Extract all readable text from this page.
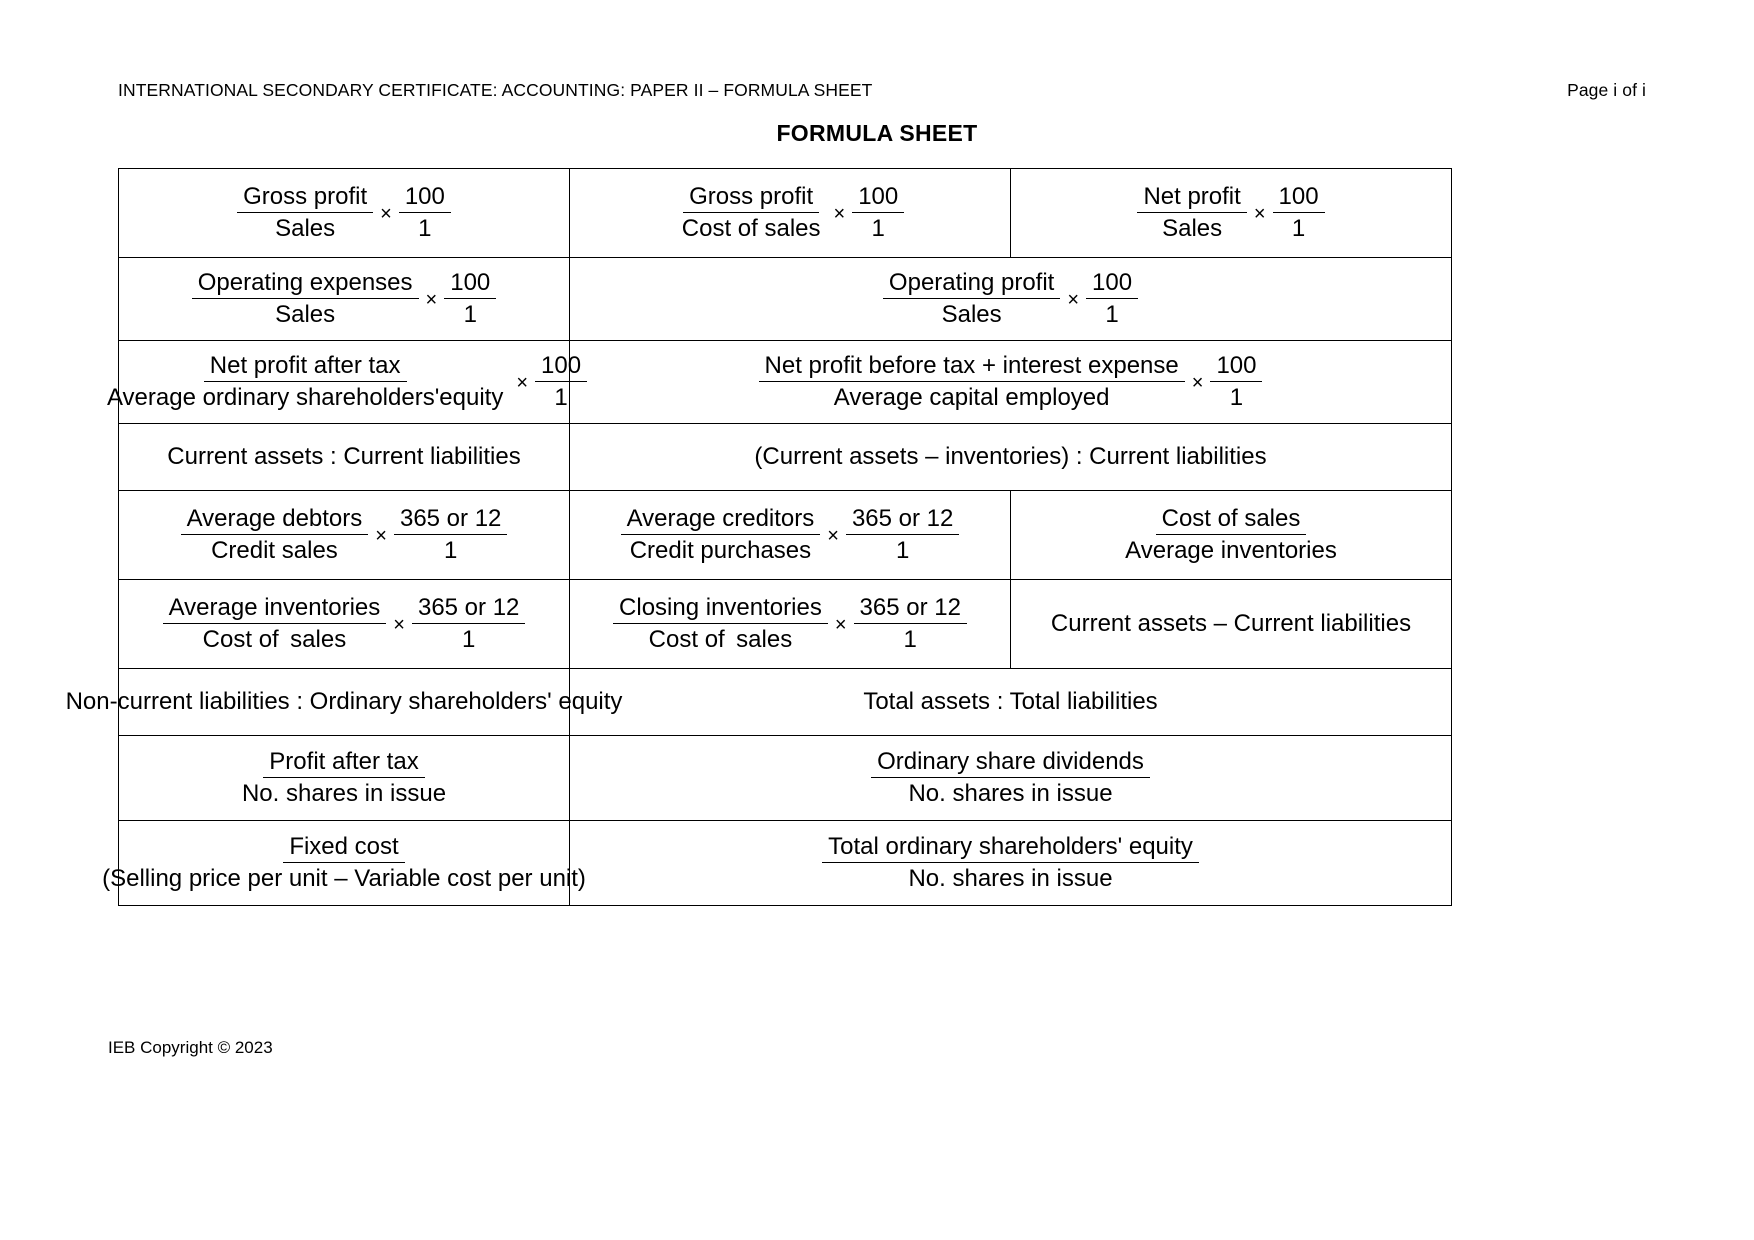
INTERNATIONAL SECONDARY CERTIFICATE: ACCOUNTING: PAPER II – FORMULA SHEET	Page i of i
FORMULA SHEET
$\frac{\text{Gross profit}}{\text{Sales}} \times \frac{100}{1}$	$\frac{\text{Gross profit}}{\text{Cost of sales}} \times \frac{100}{1}$	$\frac{\text{Net profit}}{\text{Sales}} \times \frac{100}{1}$

$\frac{\text{Operating expenses}}{\text{Sales}} \times \frac{100}{1}$	$\frac{\text{Operating profit}}{\text{Sales}} \times \frac{100}{1}$

$\frac{\text{Net profit after tax}}{\text{Average ordinary shareholders'equity}} \times \frac{100}{1}$	$\frac{\text{Net profit before tax + interest expense}}{\text{Average capital employed}} \times \frac{100}{1}$

Current assets : Current liabilities	(Current assets – inventories) : Current liabilities	

$\frac{\text{Average debtors}}{\text{Credit sales}} \times \frac{365 or 12}{1}$	$\frac{\text{Average creditors}}{\text{Credit purchases}} \times \frac{365 or 12}{1}$	$\frac{\text{Cost of sales}}{\text{Average inventories}}$

$\frac{\text{Average inventories}}{\text{Cost of  sales}} \times \frac{365 or 12}{1}$	$\frac{\text{Closing inventories}}{\text{Cost of  sales}} \times \frac{365 or 12}{1}$	Current assets – Current liabilities

Non-current liabilities : Ordinary shareholders' equity	Total assets : Total liabilities	

$\frac{\text{Profit after tax}}{\text{No. shares in issue}}$	$\frac{\text{Ordinary share dividends}}{\text{No. shares in issue}}$

$\frac{\text{Fixed cost}}{\text{(Selling price per unit – Variable cost per unit)}}$	$\frac{\text{Total ordinary shareholders' equity}}{\text{No. shares in issue}}$
IEB Copyright © 2023
